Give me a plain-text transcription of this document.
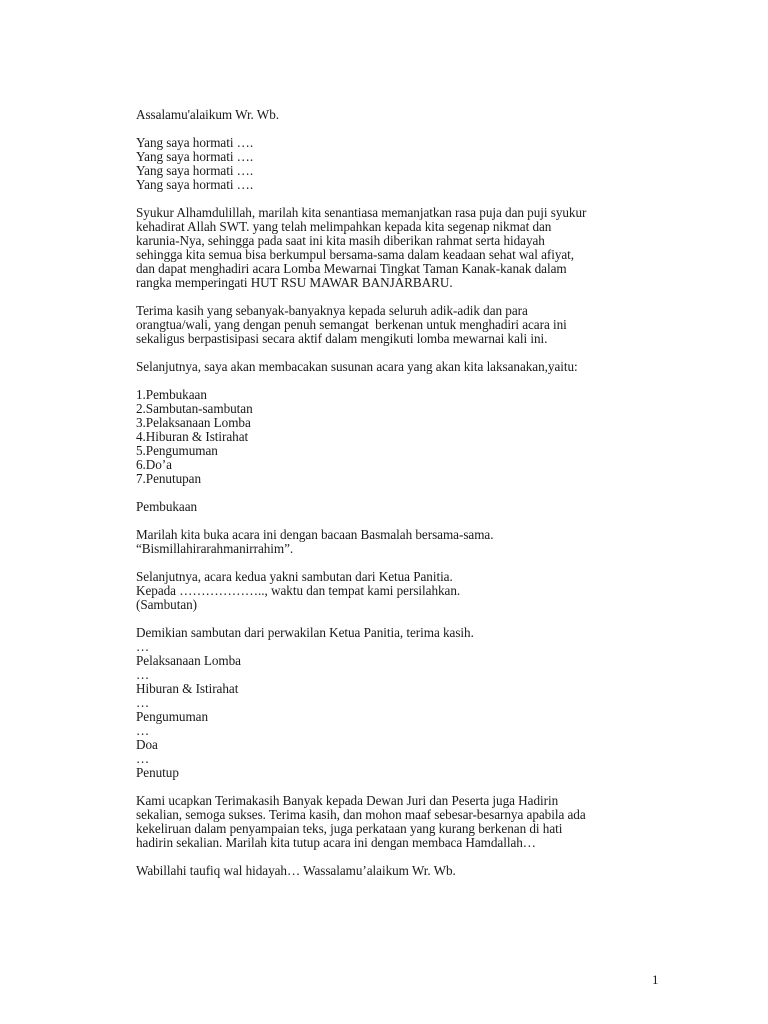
Assalamu'alaikum Wr. Wb.
Yang saya hormati ….
Yang saya hormati ….
Yang saya hormati ….
Yang saya hormati ….
Syukur Alhamdulillah, marilah kita senantiasa memanjatkan rasa puja dan puji syukur
kehadirat Allah SWT. yang telah melimpahkan kepada kita segenap nikmat dan
karunia-Nya, sehingga pada saat ini kita masih diberikan rahmat serta hidayah
sehingga kita semua bisa berkumpul bersama-sama dalam keadaan sehat wal afiyat,
dan dapat menghadiri acara Lomba Mewarnai Tingkat Taman Kanak-kanak dalam
rangka memperingati HUT RSU MAWAR BANJARBARU.
Terima kasih yang sebanyak-banyaknya kepada seluruh adik-adik dan para
orangtua/wali, yang dengan penuh semangat  berkenan untuk menghadiri acara ini
sekaligus berpastisipasi secara aktif dalam mengikuti lomba mewarnai kali ini.
Selanjutnya, saya akan membacakan susunan acara yang akan kita laksanakan,yaitu:
1.Pembukaan
2.Sambutan-sambutan
3.Pelaksanaan Lomba
4.Hiburan & Istirahat
5.Pengumuman
6.Do’a
7.Penutupan
Pembukaan
Marilah kita buka acara ini dengan bacaan Basmalah bersama-sama.
“Bismillahirarahmanirrahim”.
Selanjutnya, acara kedua yakni sambutan dari Ketua Panitia.
Kepada ……………….., waktu dan tempat kami persilahkan.
(Sambutan)
Demikian sambutan dari perwakilan Ketua Panitia, terima kasih.
…
Pelaksanaan Lomba
…
Hiburan & Istirahat
…
Pengumuman
…
Doa
…
Penutup
Kami ucapkan Terimakasih Banyak kepada Dewan Juri dan Peserta juga Hadirin
sekalian, semoga sukses. Terima kasih, dan mohon maaf sebesar-besarnya apabila ada
kekeliruan dalam penyampaian teks, juga perkataan yang kurang berkenan di hati
hadirin sekalian. Marilah kita tutup acara ini dengan membaca Hamdallah…
Wabillahi taufiq wal hidayah… Wassalamu’alaikum Wr. Wb.
1
